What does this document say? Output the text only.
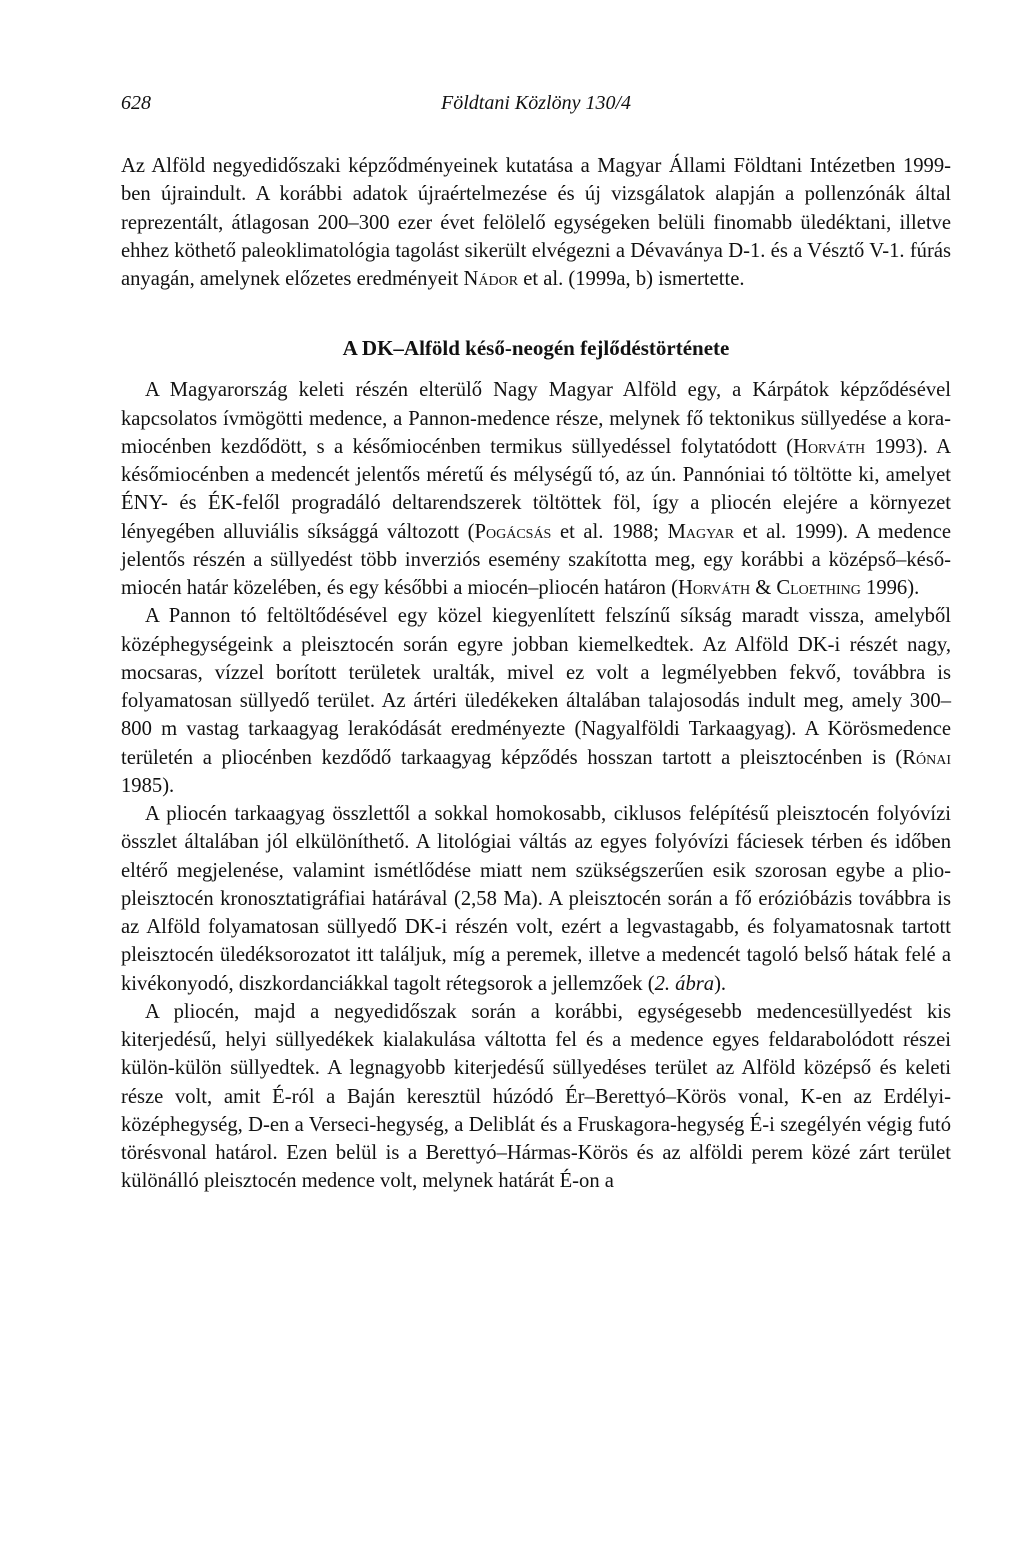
628	Földtani Közlöny 130/4

Az Alföld negyedidőszaki képződményeinek kutatása a Magyar Állami Földtani Intézetben 1999-ben újraindult. A korábbi adatok újraértelmezése és új vizsgálatok alapján a pollenzónák által reprezentált, átlagosan 200–300 ezer évet felölelő egységeken belüli finomabb üledéktani, illetve ehhez köthető paleoklimatológia tagolást sikerült elvégezni a Dévaványa D-1. és a Vésztő V-1. fúrás anyagán, amelynek előzetes eredményeit Nádor et al. (1999a, b) ismertette.

A DK–Alföld késő-neogén fejlődéstörténete

A Magyarország keleti részén elterülő Nagy Magyar Alföld egy, a Kárpátok képződésével kapcsolatos ívmögötti medence, a Pannon-medence része, melynek fő tektonikus süllyedése a kora-miocénben kezdődött, s a későmiocénben termikus süllyedéssel folytatódott (Horváth 1993). A későmiocénben a medencét jelentős méretű és mélységű tó, az ún. Pannóniai tó töltötte ki, amelyet ÉNY- és ÉK-felől progradáló deltarendszerek töltöttek föl, így a pliocén elejére a környezet lényegében alluviális síksággá változott (Pogácsás et al. 1988; Magyar et al. 1999). A medence jelentős részén a süllyedést több inverziós esemény szakította meg, egy korábbi a középső–késő-miocén határ közelében, és egy későbbi a miocén–pliocén határon (Horváth & Cloething 1996).

A Pannon tó feltöltődésével egy közel kiegyenlített felszínű síkság maradt vissza, amelyből középhegységeink a pleisztocén során egyre jobban kiemelkedtek. Az Alföld DK-i részét nagy, mocsaras, vízzel borított területek uralták, mivel ez volt a legmélyebben fekvő, továbbra is folyamatosan süllyedő terület. Az ártéri üledékeken általában talajosodás indult meg, amely 300–800 m vastag tarkaagyag lerakódását eredményezte (Nagyalföldi Tarkaagyag). A Körösmedence területén a pliocénben kezdődő tarkaagyag képződés hosszan tartott a pleisztocénben is (Rónai 1985).

A pliocén tarkaagyag összlettől a sokkal homokosabb, ciklusos felépítésű pleisztocén folyóvízi összlet általában jól elkülöníthető. A litológiai váltás az egyes folyóvízi fáciesek térben és időben eltérő megjelenése, valamint ismétlődése miatt nem szükségszerűen esik szorosan egybe a plio-pleisztocén kronosztatigráfiai határával (2,58 Ma). A pleisztocén során a fő erózióbázis továbbra is az Alföld folyamatosan süllyedő DK-i részén volt, ezért a legvastagabb, és folyamatosnak tartott pleisztocén üledéksorozatot itt találjuk, míg a peremek, illetve a medencét tagoló belső hátak felé a kivékonyodó, diszkordanciákkal tagolt rétegsorok a jellemzőek (2. ábra).

A pliocén, majd a negyedidőszak során a korábbi, egységesebb medencesüllyedést kis kiterjedésű, helyi süllyedékek kialakulása váltotta fel és a medence egyes feldarabolódott részei külön-külön süllyedtek. A legnagyobb kiterjedésű süllyedéses terület az Alföld középső és keleti része volt, amit É-ról a Baján keresztül húzódó Ér–Berettyó–Körös vonal, K-en az Erdélyi-középhegység, D-en a Verseci-hegység, a Deliblát és a Fruskagora-hegység É-i szegélyén végig futó törésvonal határol. Ezen belül is a Berettyó–Hármas-Körös és az alföldi perem közé zárt terület különálló pleisztocén medence volt, melynek határát É-on a
